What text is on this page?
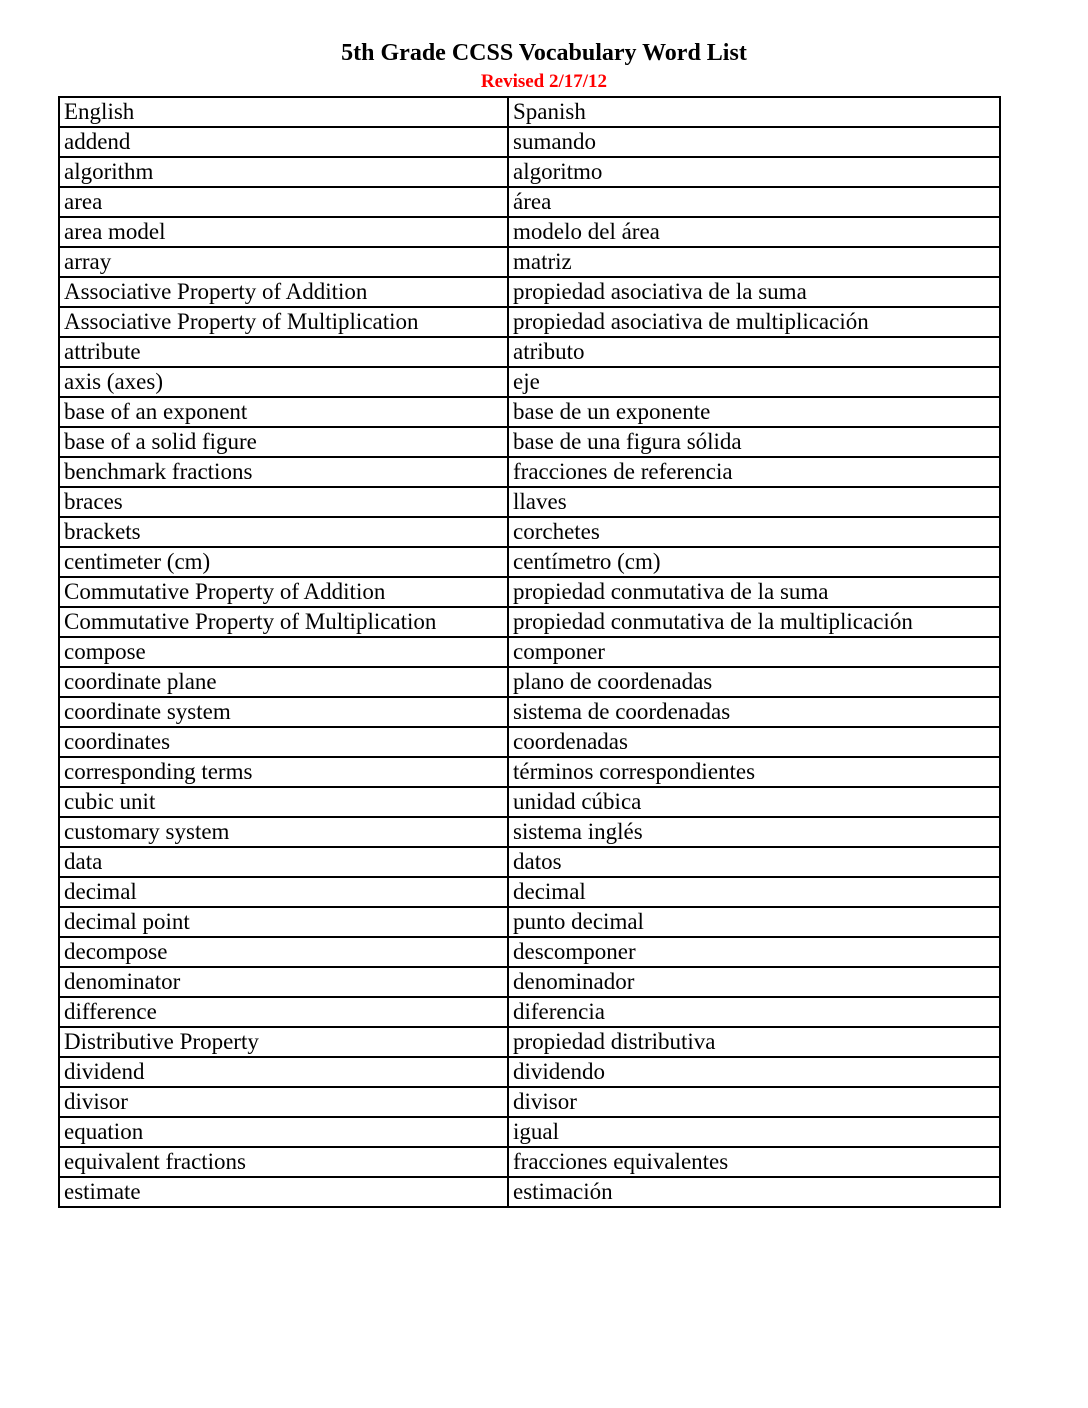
5th Grade CCSS Vocabulary Word List
Revised 2/17/12
English	Spanish
addend	sumando
algorithm	algoritmo
area	área
area model	modelo del área
array	matriz
Associative Property of Addition	propiedad asociativa de la suma
Associative Property of Multiplication	propiedad asociativa de multiplicación
attribute	atributo
axis (axes)	eje
base of an exponent	base de un exponente
base of a solid figure	base de una figura sólida
benchmark fractions	fracciones de referencia
braces	llaves
brackets	corchetes
centimeter (cm)	centímetro (cm)
Commutative Property of Addition	propiedad conmutativa de la suma
Commutative Property of Multiplication	propiedad conmutativa de la multiplicación
compose	componer
coordinate plane	plano de coordenadas
coordinate system	sistema de coordenadas
coordinates	coordenadas
corresponding terms	términos correspondientes
cubic unit	unidad cúbica
customary system	sistema inglés
data	datos
decimal	decimal
decimal point	punto decimal
decompose	descomponer
denominator	denominador
difference	diferencia
Distributive Property	propiedad distributiva
dividend	dividendo
divisor	divisor
equation	igual
equivalent fractions	fracciones equivalentes
estimate	estimación
